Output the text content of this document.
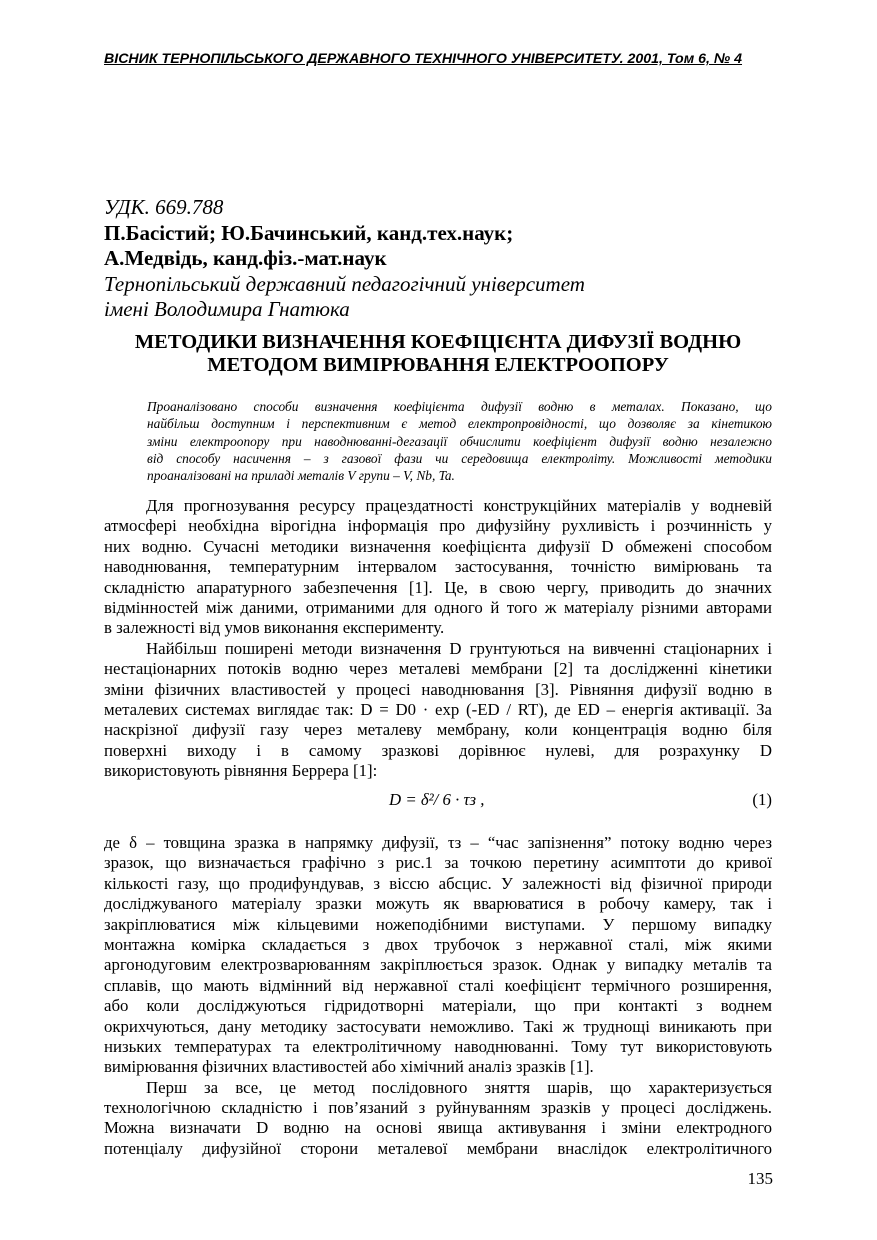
ВІСНИК ТЕРНОПІЛЬСЬКОГО ДЕРЖАВНОГО ТЕХНІЧНОГО УНІВЕРСИТЕТУ. 2001, Том 6, № 4
УДК. 669.788
П.Басістий; Ю.Бачинський, канд.тех.наук;
А.Медвідь, канд.фіз.-мат.наук
Тернопільський державний педагогічний університет
імені Володимира Гнатюка
МЕТОДИКИ ВИЗНАЧЕННЯ КОЕФІЦІЄНТА ДИФУЗІЇ ВОДНЮ
МЕТОДОМ ВИМІРЮВАННЯ ЕЛЕКТРООПОРУ
Проаналізовано способи визначення коефіцієнта дифузії водню в металах. Показано, що
найбільш доступним і перспективним є метод електропровідності, що дозволяє за кінетикою
зміни електроопору при наводнюванні-дегазації обчислити коефіцієнт дифузії водню незалежно
від способу насичення – з газової фази чи середовища електроліту. Можливості методики
проаналізовані на приладі металів V групи – V, Nb, Ta.
Для прогнозування ресурсу працездатності конструкційних матеріалів у водневій
атмосфері необхідна вірогідна інформація про дифузійну рухливість і розчинність у
них водню. Сучасні методики визначення коефіцієнта дифузії D обмежені способом
наводнювання, температурним інтервалом застосування, точністю вимірювань та
складністю апаратурного забезпечення [1]. Це, в свою чергу, приводить до значних
відмінностей між даними, отриманими для одного й того ж матеріалу різними авторами
в залежності від умов виконання експерименту.
Найбільш поширені методи визначення D грунтуються на вивченні стаціонарних і
нестаціонарних потоків водню через металеві мембрани [2] та дослідженні кінетики
зміни фізичних властивостей у процесі наводнювання [3]. Рівняння дифузії водню в
металевих системах виглядає так: D = D0 · exp (-ED / RT), де ED – енергія активації. За
наскрізної дифузії газу через металеву мембрану, коли концентрація водню біля
поверхні виходу і в самому зразкові дорівнює нулеві, для розрахунку D
використовують рівняння Беррера [1]:
D = δ²/ 6 · τз ,	(1)
де δ – товщина зразка в напрямку дифузії, τз – “час запізнення” потоку водню через
зразок, що визначається графічно з рис.1 за точкою перетину асимптоти до кривої
кількості газу, що продифундував, з віссю абсцис. У залежності від фізичної природи
досліджуваного матеріалу зразки можуть як вварюватися в робочу камеру, так і
закріплюватися між кільцевими ножеподібними виступами. У першому випадку
монтажна комірка складається з двох трубочок з нержавної сталі, між якими
аргонодуговим електрозварюванням закріплюється зразок. Однак у випадку металів та
сплавів, що мають відмінний від нержавної сталі коефіцієнт термічного розширення,
або коли досліджуються гідридотворні матеріали, що при контакті з воднем
окрихчуються, дану методику застосувати неможливо. Такі ж труднощі виникають при
низьких температурах та електролітичному наводнюванні. Тому тут використовують
вимірювання фізичних властивостей або хімічний аналіз зразків [1].
Перш за все, це метод послідовного зняття шарів, що характеризується
технологічною складністю і пов’язаний з руйнуванням зразків у процесі досліджень.
Можна визначати D водню на основі явища активування і зміни електродного
потенціалу дифузійної сторони металевої мембрани внаслідок електролітичного
135
